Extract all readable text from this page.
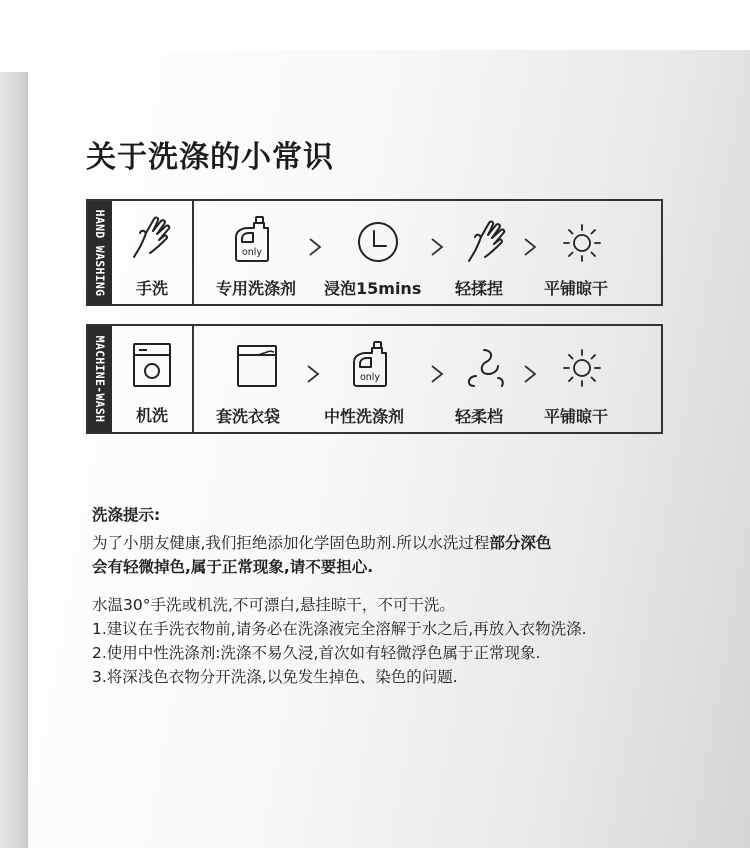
关于洗涤的小常识
HAND WASHING	手洗
only
专用洗涤剂 浸泡15mins 轻揉捏	平铺晾干
MACHINE-WASH	机洗	套洗衣袋
only
中性洗涤剂	轻柔档	平铺晾干

洗涤提示:

为了小朋友健康,我们拒绝添加化学固色助剂.所以水洗过程部分深色

会有轻微掉色,属于正常现象,请不要担心.

水温30°手洗或机洗,不可漂白,悬挂晾干，不可干洗。

1.建议在手洗衣物前,请务必在洗涤液完全溶解于水之后,再放入衣物洗涤.

2.使用中性洗涤剂:洗涤不易久浸,首次如有轻微浮色属于正常现象.

3.将深浅色衣物分开洗涤,以免发生掉色、染色的问题.
